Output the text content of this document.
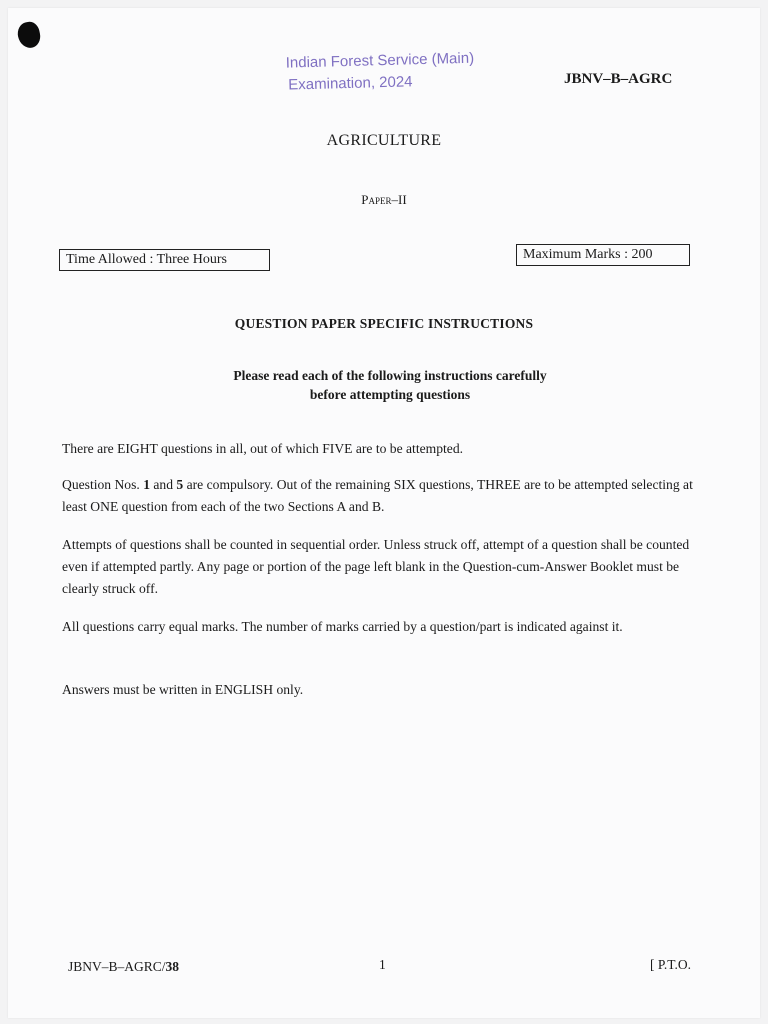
Indian Forest Service (Main)
Examination, 2024	JBNV–B–AGRC
AGRICULTURE
Paper–II
Time Allowed : Three Hours	Maximum Marks : 200
QUESTION PAPER SPECIFIC INSTRUCTIONS
Please read each of the following instructions carefully
before attempting questions
There are EIGHT questions in all, out of which FIVE are to be attempted.
Question Nos. 1 and 5 are compulsory. Out of the remaining SIX questions, THREE are to be attempted selecting at least ONE question from each of the two Sections A and B.
Attempts of questions shall be counted in sequential order. Unless struck off, attempt of a question shall be counted even if attempted partly. Any page or portion of the page left blank in the Question-cum-Answer Booklet must be clearly struck off.
All questions carry equal marks. The number of marks carried by a question/part is indicated against it.
Answers must be written in ENGLISH only.
JBNV–B–AGRC/38	1	[ P.T.O.
